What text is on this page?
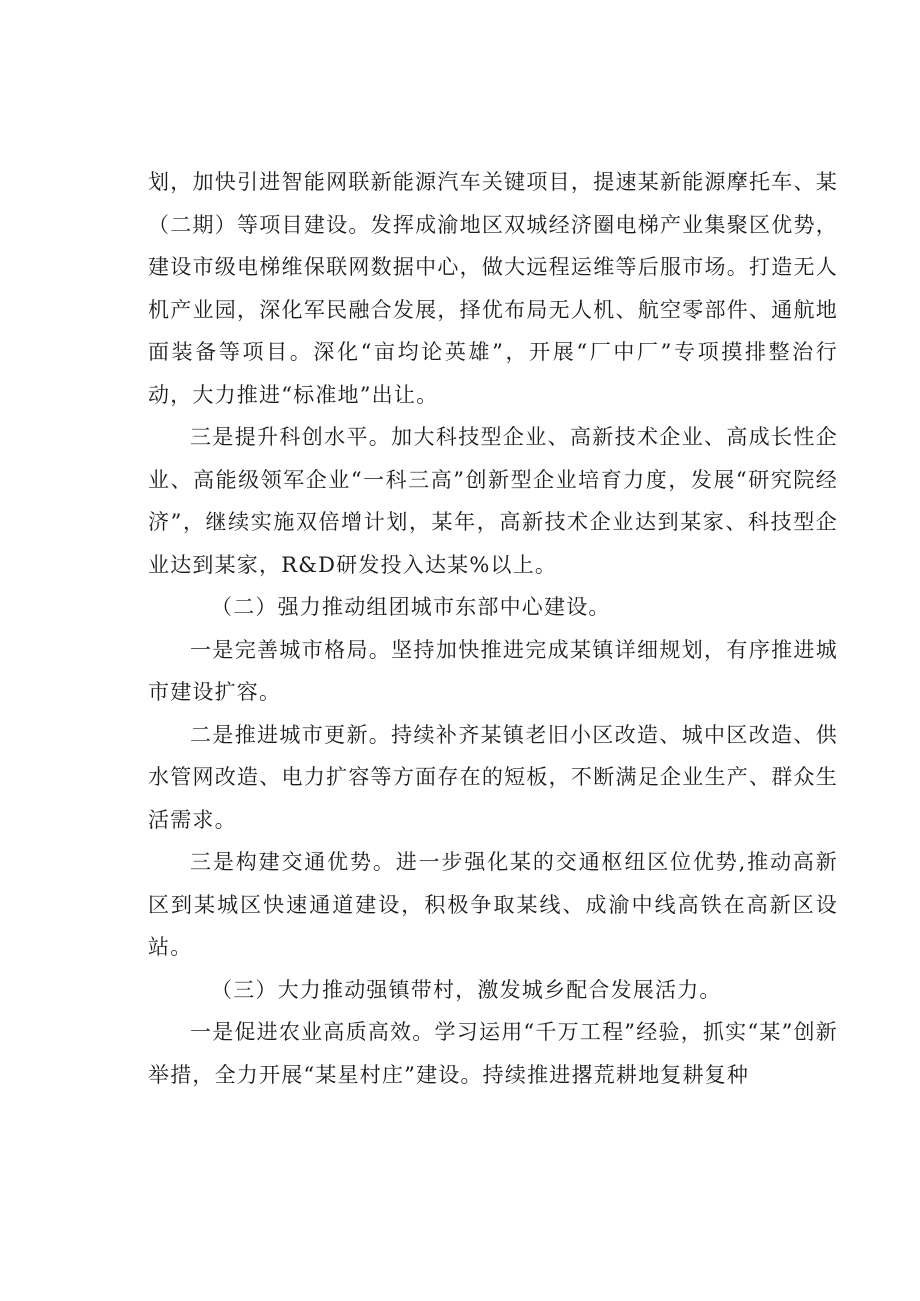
划，加快引进智能网联新能源汽车关键项目，提速某新能源摩托车、某（二期）等项目建设。发挥成渝地区双城经济圈电梯产业集聚区优势，建设市级电梯维保联网数据中心，做大远程运维等后服市场。打造无人机产业园，深化军民融合发展，择优布局无人机、航空零部件、通航地面装备等项目。深化“亩均论英雄”，开展“厂中厂”专项摸排整治行动，大力推进“标准地”出让。

三是提升科创水平。加大科技型企业、高新技术企业、高成长性企业、高能级领军企业“一科三高”创新型企业培育力度，发展“研究院经济”，继续实施双倍增计划，某年，高新技术企业达到某家、科技型企业达到某家，R&D研发投入达某%以上。

（二）强力推动组团城市东部中心建设。

一是完善城市格局。坚持加快推进完成某镇详细规划，有序推进城市建设扩容。

二是推进城市更新。持续补齐某镇老旧小区改造、城中区改造、供水管网改造、电力扩容等方面存在的短板，不断满足企业生产、群众生活需求。

三是构建交通优势。进一步强化某的交通枢纽区位优势,推动高新区到某城区快速通道建设，积极争取某线、成渝中线高铁在高新区设站。

（三）大力推动强镇带村，激发城乡配合发展活力。

一是促进农业高质高效。学习运用“千万工程”经验，抓实“某”创新举措，全力开展“某星村庄”建设。持续推进撂荒耕地复耕复种
